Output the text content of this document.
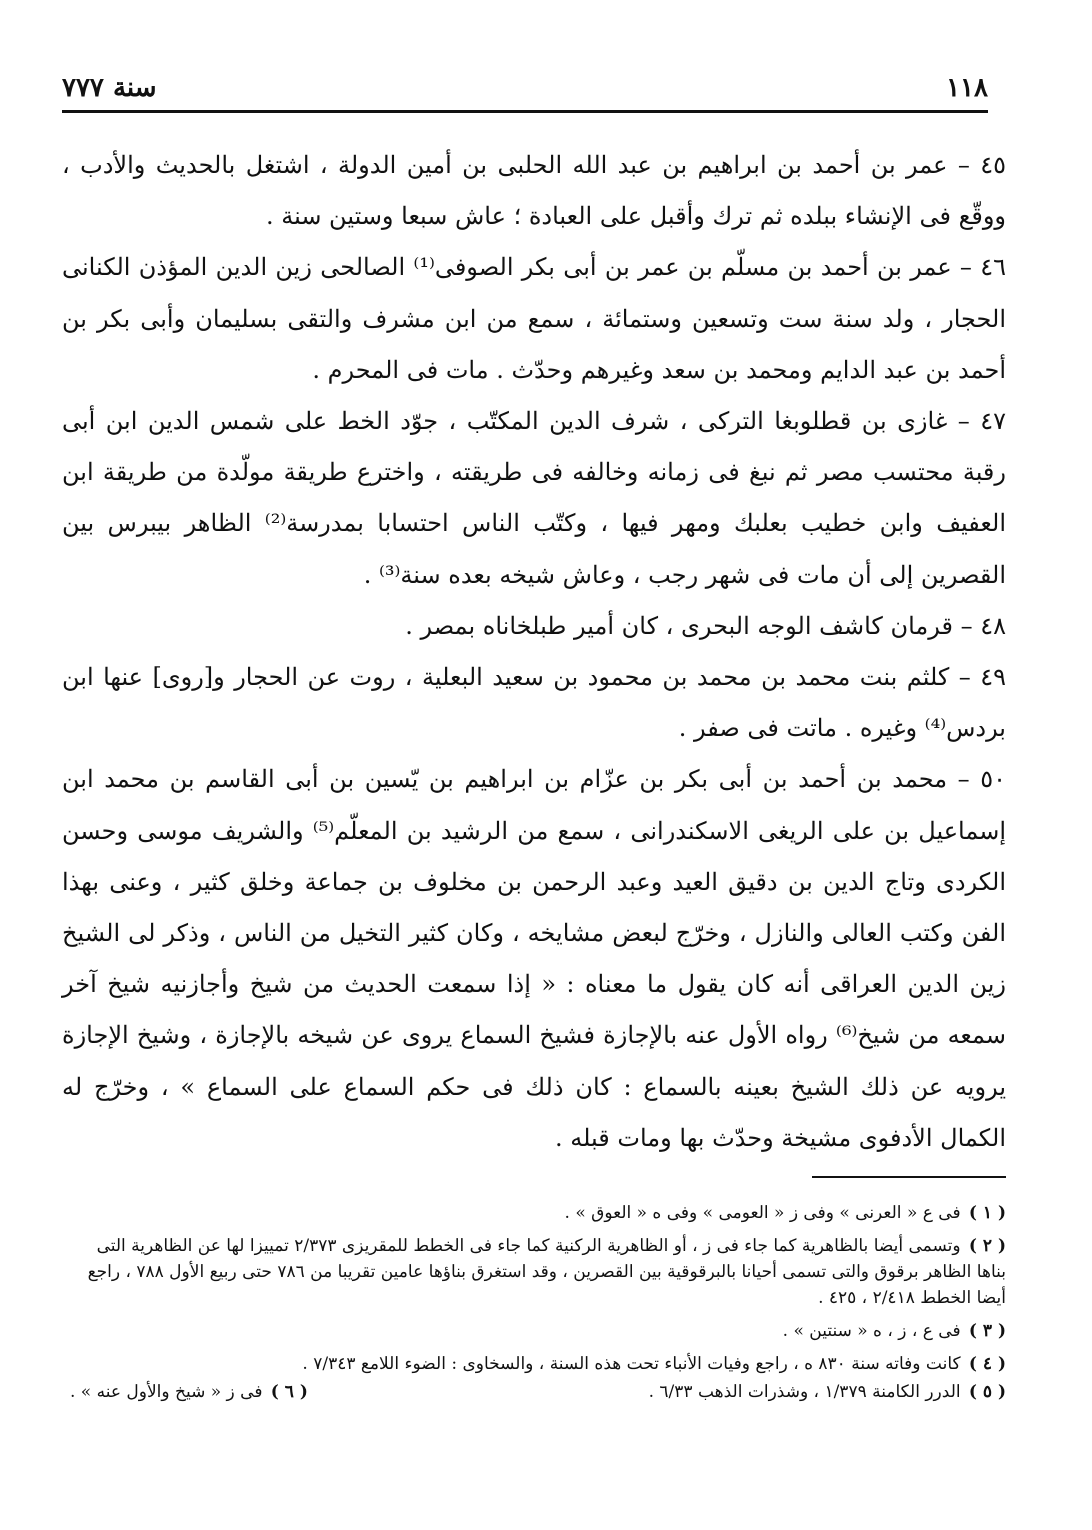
سنة ٧٧٧	١١٨

٤٥ – عمر بن أحمد بن ابراهيم بن عبد الله الحلبى بن أمين الدولة ، اشتغل بالحديث والأدب ، ووقّع فى الإنشاء ببلده ثم ترك وأقبل على العبادة ؛ عاش سبعا وستين سنة .

٤٦ – عمر بن أحمد بن مسلّم بن عمر بن أبى بكر الصوفى⁽¹⁾ الصالحى زين الدين المؤذن الكنانى الحجار ، ولد سنة ست وتسعين وستمائة ، سمع من ابن مشرف والتقى بسليمان وأبى بكر بن أحمد بن عبد الدايم ومحمد بن سعد وغيرهم وحدّث . مات فى المحرم .

٤٧ – غازى بن قطلوبغا التركى ، شرف الدين المكتّب ، جوّد الخط على شمس الدين ابن أبى رقبة محتسب مصر ثم نبغ فى زمانه وخالفه فى طريقته ، واخترع طريقة مولّدة من طريقة ابن العفيف وابن خطيب بعلبك ومهر فيها ، وكتّب الناس احتسابا بمدرسة⁽²⁾ الظاهر بيبرس بين القصرين إلى أن مات فى شهر رجب ، وعاش شيخه بعده سنة⁽³⁾ .

٤٨ – قرمان كاشف الوجه البحرى ، كان أمير طبلخاناه بمصر .

٤٩ – كلثم بنت محمد بن محمد بن محمود بن سعيد البعلية ، روت عن الحجار و[روى] عنها ابن بردس⁽⁴⁾ وغيره . ماتت فى صفر .

٥٠ – محمد بن أحمد بن أبى بكر بن عزّام بن ابراهيم بن يّسين بن أبى القاسم بن محمد ابن إسماعيل بن على الريغى الاسكندرانى ، سمع من الرشيد بن المعلّم⁽⁵⁾ والشريف موسى وحسن الكردى وتاج الدين بن دقيق العيد وعبد الرحمن بن مخلوف بن جماعة وخلق كثير ، وعنى بهذا الفن وكتب العالى والنازل ، وخرّج لبعض مشايخه ، وكان كثير التخيل من الناس ، وذكر لى الشيخ زين الدين العراقى أنه كان يقول ما معناه : « إذا سمعت الحديث من شيخ وأجازنيه شيخ آخر سمعه من شيخ⁽⁶⁾ رواه الأول عنه بالإجازة فشيخ السماع يروى عن شيخه بالإجازة ، وشيخ الإجازة يرويه عن ذلك الشيخ بعينه بالسماع : كان ذلك فى حكم السماع على السماع » ، وخرّج له الكمال الأدفوى مشيخة وحدّث بها ومات قبله .

( ١ ) فى ع « العرنى » وفى ز « العومى » وفى ه « العوق » .
( ٢ ) وتسمى أيضا بالظاهرية كما جاء فى ز ، أو الظاهرية الركنية كما جاء فى الخطط للمقريزى ٢/٣٧٣ تمييزا لها عن الظاهرية التى بناها الظاهر برقوق والتى تسمى أحيانا بالبرقوقية بين القصرين ، وقد استغرق بناؤها عامين تقريبا من ٧٨٦ حتى ربيع الأول ٧٨٨ ، راجع أيضا الخطط ٢/٤١٨ ، ٤٢٥ .
( ٣ ) فى ع ، ز ، ه « سنتين » .
( ٤ ) كانت وفاته سنة ٨٣٠ ه ، راجع وفيات الأنباء تحت هذه السنة ، والسخاوى : الضوء اللامع ٧/٣٤٣ .
( ٥ ) الدرر الكامنة ١/٣٧٩ ، وشذرات الذهب ٦/٣٣ .
( ٦ ) فى ز « شيخ والأول عنه » .
